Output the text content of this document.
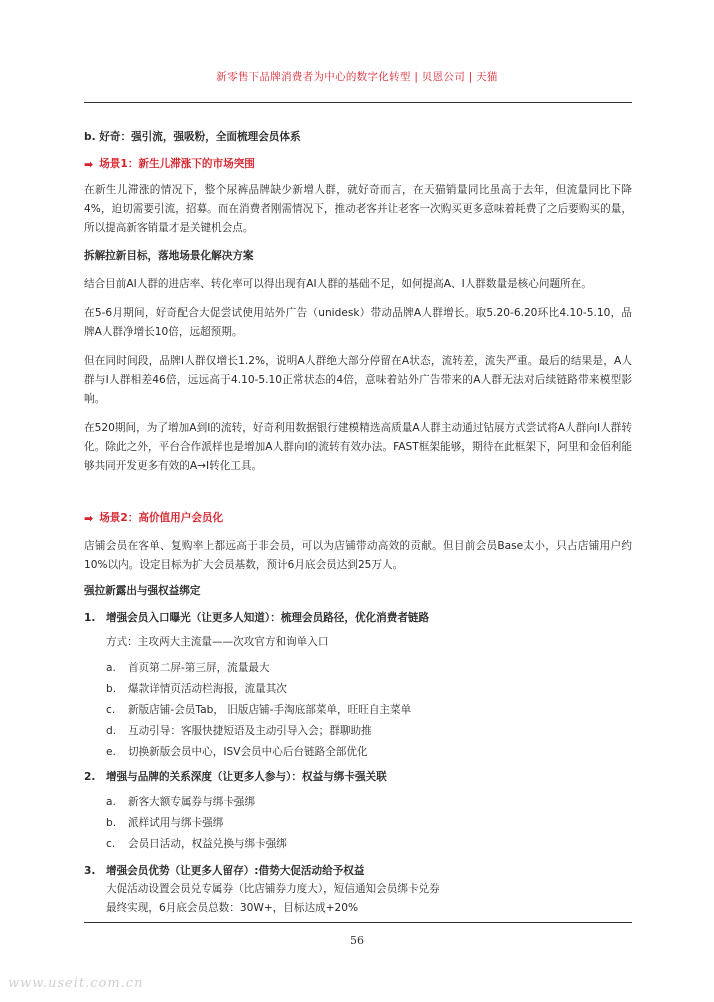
新零售下品牌消费者为中心的数字化转型 | 贝恩公司 | 天猫

b. 好奇：强引流，强吸粉，全面梳理会员体系

➡ 场景1：新生儿滞涨下的市场突围

在新生儿滞涨的情况下，整个尿裤品牌缺少新增人群，就好奇而言，在天猫销量同比虽高于去年，但流量同比下降4%，迫切需要引流，招募。而在消费者刚需情况下，推动老客并让老客一次购买更多意味着耗费了之后要购买的量，所以提高新客销量才是关键机会点。

拆解拉新目标，落地场景化解决方案

结合目前AI人群的进店率、转化率可以得出现有AI人群的基础不足，如何提高A、I人群数量是核心问题所在。

在5-6月期间，好奇配合大促尝试使用站外广告（unidesk）带动品牌A人群增长。取5.20-6.20环比4.10-5.10，品牌A人群净增长10倍，远超预期。

但在同时间段，品牌I人群仅增长1.2%，说明A人群绝大部分停留在A状态，流转差，流失严重。最后的结果是，A人群与I人群相差46倍，远远高于4.10-5.10正常状态的4倍，意味着站外广告带来的A人群无法对后续链路带来模型影响。

在520期间，为了增加A到I的流转，好奇利用数据银行建模精选高质量A人群主动通过钻展方式尝试将A人群向I人群转化。除此之外，平台合作派样也是增加A人群向I的流转有效办法。FAST框架能够，期待在此框架下，阿里和金佰利能够共同开发更多有效的A→I转化工具。

➡ 场景2：高价值用户会员化

店铺会员在客单、复购率上都远高于非会员，可以为店铺带动高效的贡献。但目前会员Base太小，只占店铺用户约10%以内。设定目标为扩大会员基数，预计6月底会员达到25万人。

强拉新露出与强权益绑定

1. 增强会员入口曝光（让更多人知道）：梳理会员路径，优化消费者链路

方式：主攻两大主流量——次攻官方和询单入口

a.	首页第二屏-第三屏，流量最大
b.	爆款详情页活动栏海报，流量其次
c.	新版店铺-会员Tab， 旧版店铺-手淘底部菜单，旺旺自主菜单
d.	互动引导：客服快捷短语及主动引导入会；群聊助推
e.	切换新版会员中心，ISV会员中心后台链路全部优化
2. 增强与品牌的关系深度（让更多人参与）：权益与绑卡强关联
a.	新客大额专属券与绑卡强绑
b.	派样试用与绑卡强绑
c.	会员日活动，权益兑换与绑卡强绑
3. 增强会员优势（让更多人留存）:借势大促活动给予权益

大促活动设置会员兑专属券（比店铺券力度大），短信通知会员绑卡兑券

最终实现，6月底会员总数：30W+，目标达成+20%

56
www.useit.com.cn
